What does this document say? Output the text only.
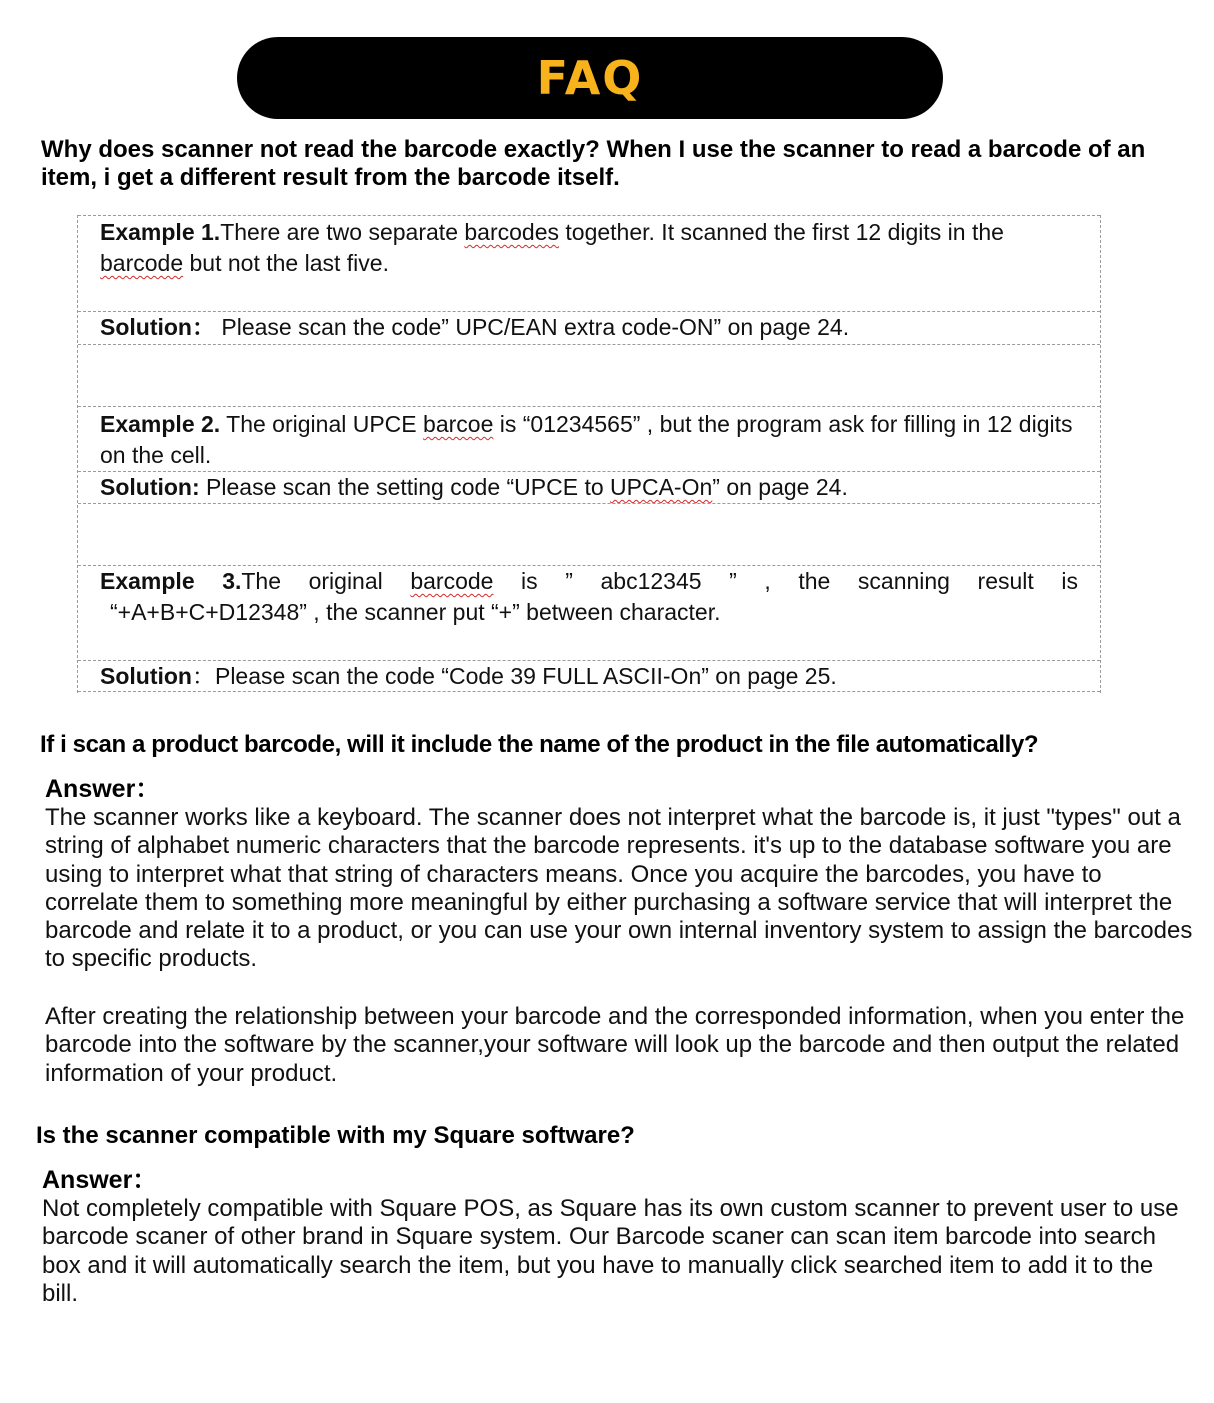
FAQ

Why does scanner not read the barcode exactly? When I use the scanner to read a barcode of an item, i get a different result from the barcode itself.

Example 1.There are two separate barcodes together. It scanned the first 12 digits in the barcode but not the last five.
Solution： Please scan the code” UPC/EAN extra code-ON” on page 24.
Example 2. The original UPCE barcoe is “01234565” , but the program ask for filling in 12 digits on the cell.
Solution: Please scan the setting code “UPCE to UPCA-On” on page 24.
Example 3.The original barcode is ” abc12345 ” , the scanning result is
“+A+B+C+D12348” , the scanner put “+” between character.
Solution：Please scan the code “Code 39 FULL ASCII-On” on page 25.

If i scan a product barcode, will it include the name of the product in the file automatically?

Answer：

The scanner works like a keyboard. The scanner does not interpret what the barcode is, it just "types" out a string of alphabet numeric characters that the barcode represents. it's up to the database software you are using to interpret what that string of characters means. Once you acquire the barcodes, you have to correlate them to something more meaningful by either purchasing a software service that will interpret the barcode and relate it to a product, or you can use your own internal inventory system to assign the barcodes to specific products.

After creating the relationship between your barcode and the corresponded information, when you enter the barcode into the software by the scanner,your software will look up the barcode and then output the related information of your product.

Is the scanner compatible with my Square software?

Answer：

Not completely compatible with Square POS, as Square has its own custom scanner to prevent user to use barcode scaner of other brand in Square system. Our Barcode scaner can scan item barcode into search box and it will automatically search the item, but you have to manually click searched item to add it to the bill.
